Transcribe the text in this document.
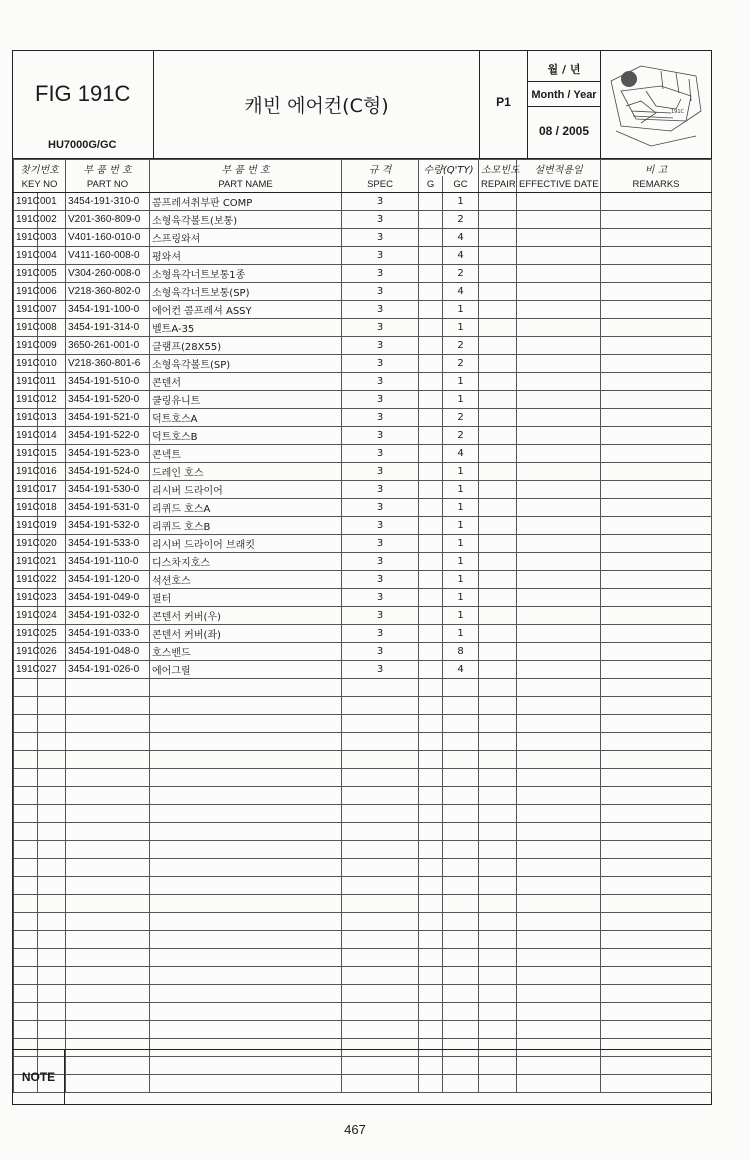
FIG 191C
HU7000G/GC
캐빈 에어컨(C형)	P1
월 / 년
Month / Year
08 / 2005
191C
찾기번호		부 품 번 호	부 품 번 호	규 격	수량(Q'TY)		소모빈도	설변적용일	비 고
KEY NO		PART NO	PART NAME	SPEC	G	GC	REPAIR	EFFECTIVE DATE	REMARKS
191C	001	3454-191-310-0	콤프레셔취부판 COMP	3		1			
191C	002	V201-360-809-0	소형육각볼트(보통)	3		2			
191C	003	V401-160-010-0	스프링와셔	3		4			
191C	004	V411-160-008-0	평와셔	3		4			
191C	005	V304-260-008-0	소형육각너트보통1종	3		2			
191C	006	V218-360-802-0	소형육각너트보통(SP)	3		4			
191C	007	3454-191-100-0	에어컨 콤프레셔 ASSY	3		1			
191C	008	3454-191-314-0	벨트A-35	3		1			
191C	009	3650-261-001-0	클램프(28X55)	3		2			
191C	010	V218-360-801-6	소형육각볼트(SP)	3		2			
191C	011	3454-191-510-0	콘덴서	3		1			
191C	012	3454-191-520-0	쿨링유니트	3		1			
191C	013	3454-191-521-0	덕트호스A	3		2			
191C	014	3454-191-522-0	덕트호스B	3		2			
191C	015	3454-191-523-0	콘넥트	3		4			
191C	016	3454-191-524-0	드레인 호스	3		1			
191C	017	3454-191-530-0	리시버 드라이어	3		1			
191C	018	3454-191-531-0	리퀴드 호스A	3		1			
191C	019	3454-191-532-0	리퀴드 호스B	3		1			
191C	020	3454-191-533-0	리시버 드라이어 브래킷	3		1			
191C	021	3454-191-110-0	디스차지호스	3		1			
191C	022	3454-191-120-0	석션호스	3		1			
191C	023	3454-191-049-0	필터	3		1			
191C	024	3454-191-032-0	콘덴서 커버(우)	3		1			
191C	025	3454-191-033-0	콘덴서 커버(좌)	3		1			
191C	026	3454-191-048-0	호스밴드	3		8			
191C	027	3454-191-026-0	에어그릴	3		4			

NOTE
467
